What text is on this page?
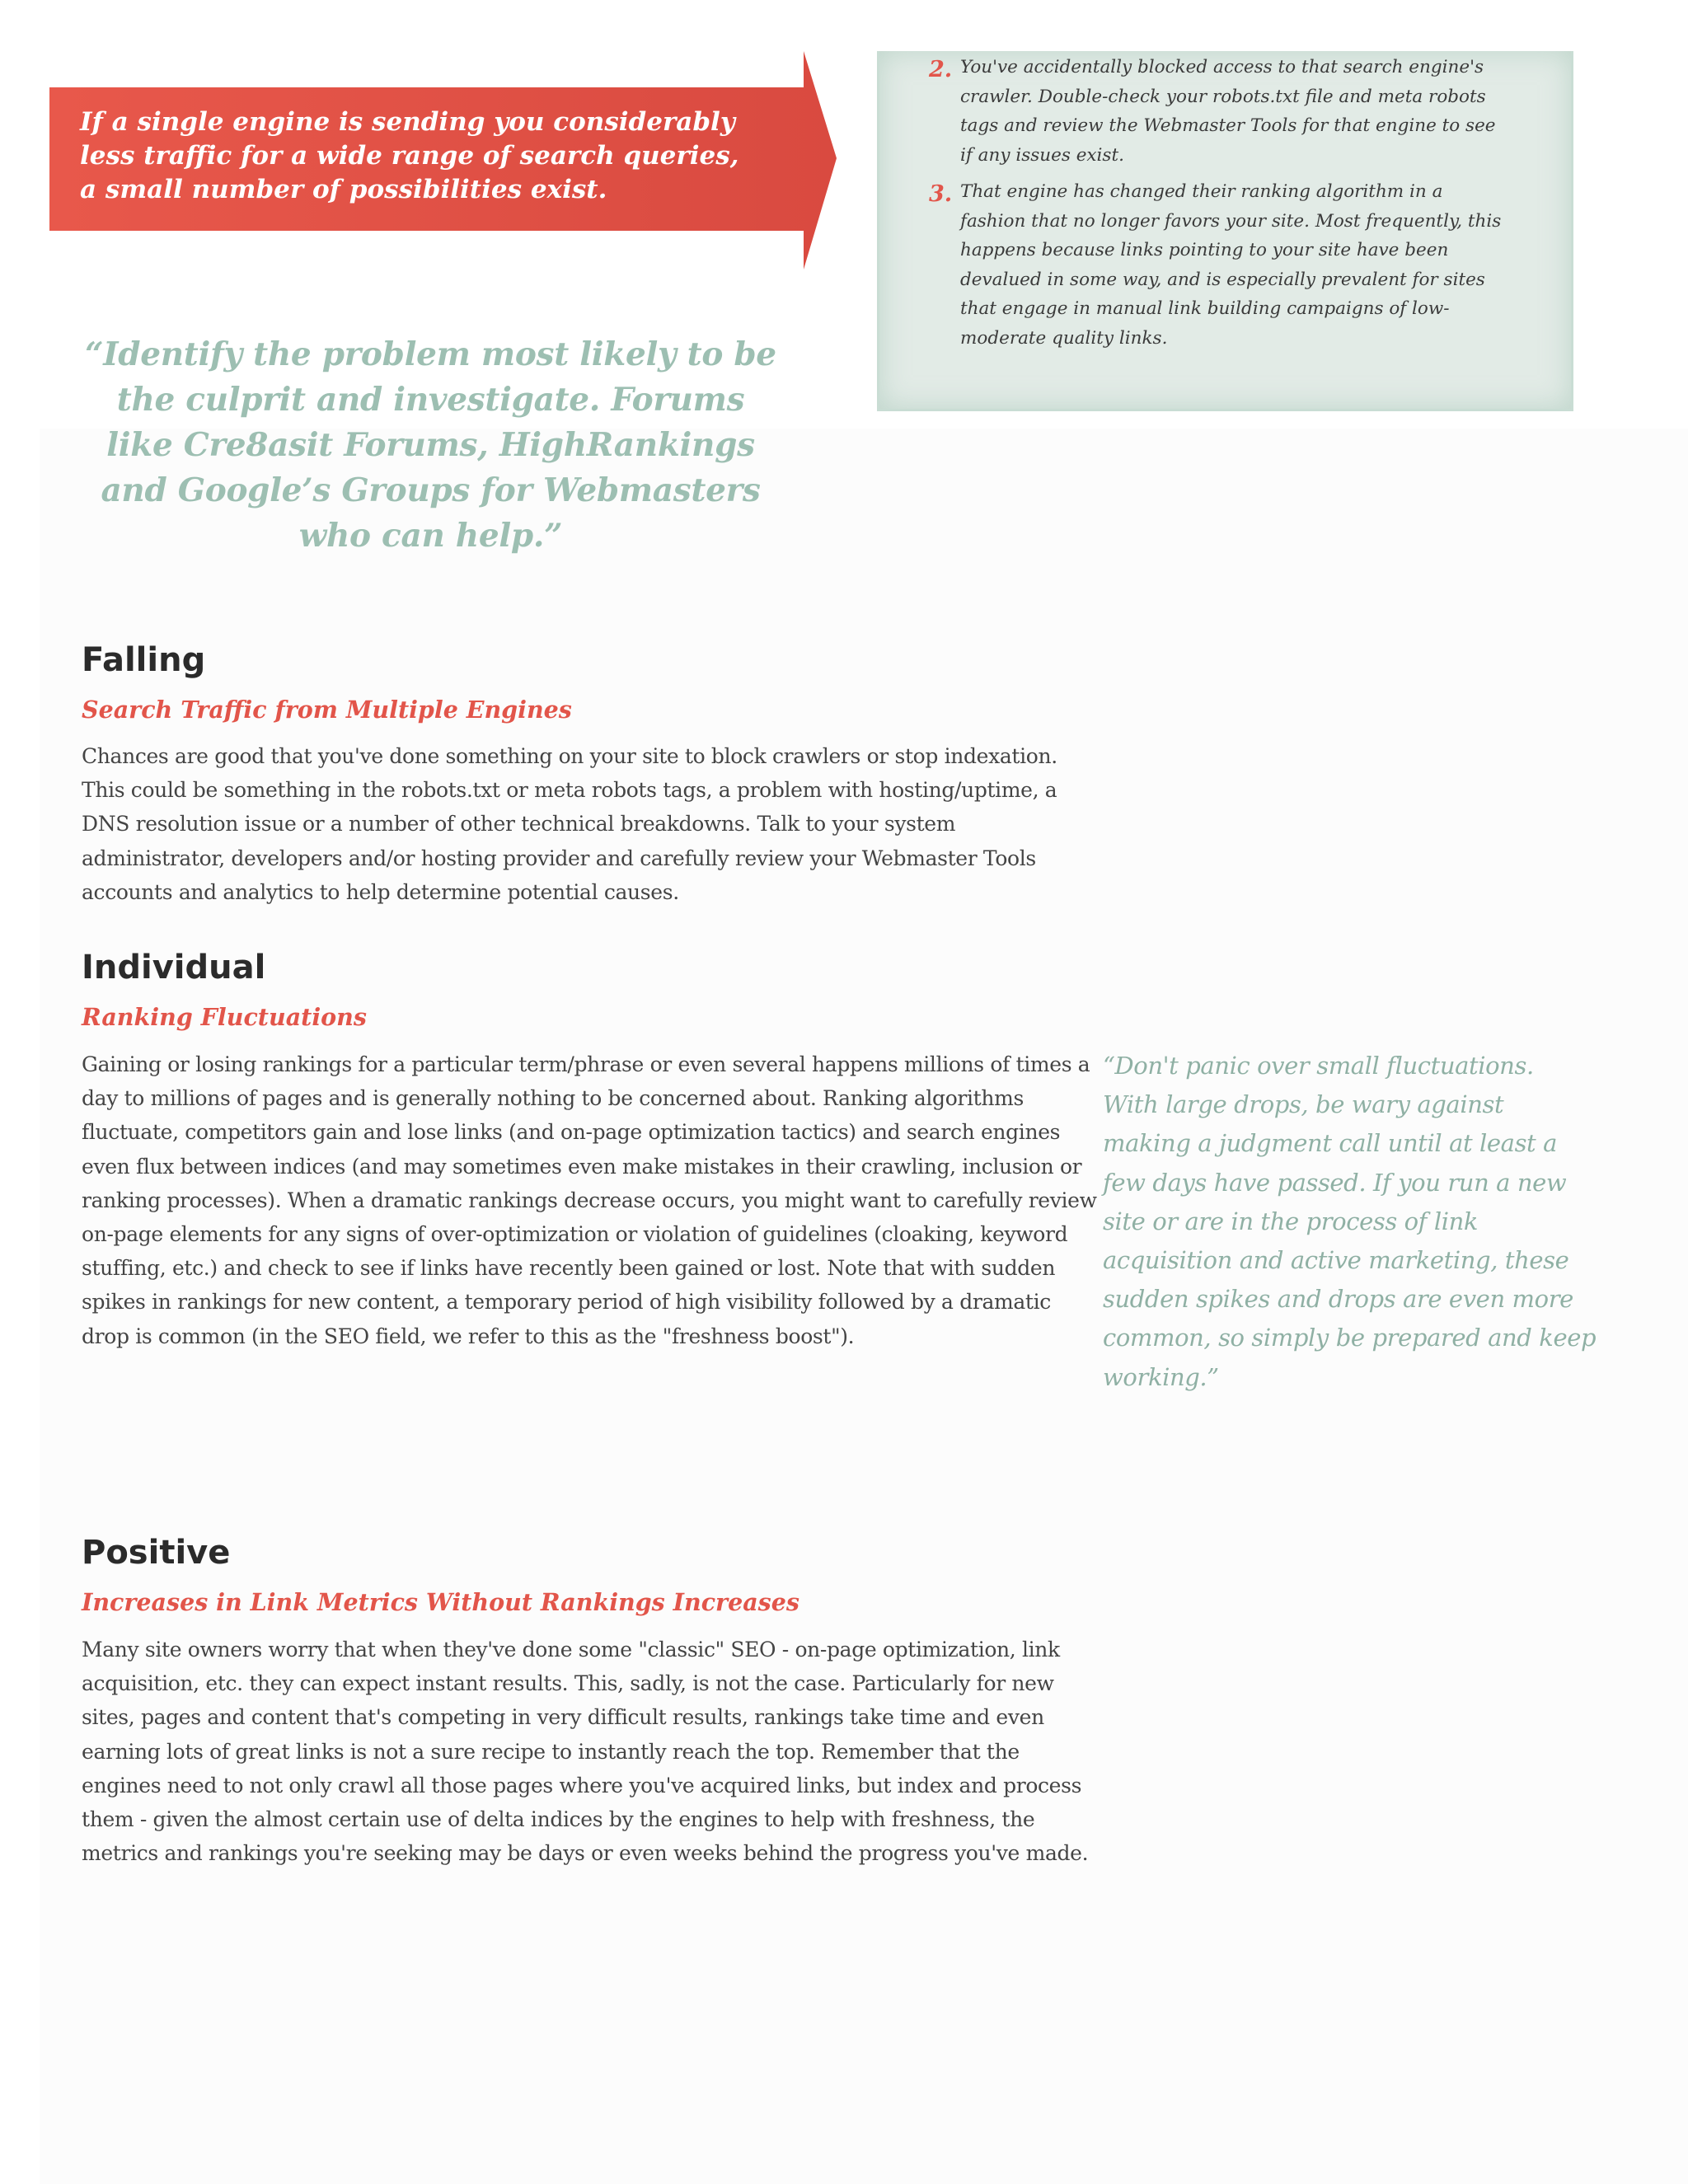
If a single engine is sending you considerably less traffic for a wide range of search queries, a small number of possibilities exist.
2. You've accidentally blocked access to that search engine's crawler. Double-check your robots.txt file and meta robots tags and review the Webmaster Tools for that engine to see if any issues exist.
3. That engine has changed their ranking algorithm in a fashion that no longer favors your site. Most frequently, this happens because links pointing to your site have been devalued in some way, and is especially prevalent for sites that engage in manual link building campaigns of low-moderate quality links.
“Identify the problem most likely to be the culprit and investigate. Forums like Cre8asit Forums, HighRankings and Google’s Groups for Webmasters who can help.”
Falling
Search Traffic from Multiple Engines

Chances are good that you've done something on your site to block crawlers or stop indexation.
This could be something in the robots.txt or meta robots tags, a problem with hosting/uptime, a
DNS resolution issue or a number of other technical breakdowns. Talk to your system
administrator, developers and/or hosting provider and carefully review your Webmaster Tools
accounts and analytics to help determine potential causes.

Individual
Ranking Fluctuations

Gaining or losing rankings for a particular term/phrase or even several happens millions of times a
day to millions of pages and is generally nothing to be concerned about. Ranking algorithms
fluctuate, competitors gain and lose links (and on-page optimization tactics) and search engines
even flux between indices (and may sometimes even make mistakes in their crawling, inclusion or
ranking processes). When a dramatic rankings decrease occurs, you might want to carefully review
on-page elements for any signs of over-optimization or violation of guidelines (cloaking, keyword
stuffing, etc.) and check to see if links have recently been gained or lost. Note that with sudden
spikes in rankings for new content, a temporary period of high visibility followed by a dramatic
drop is common (in the SEO field, we refer to this as the "freshness boost").

“Don't panic over small fluctuations.
With large drops, be wary against
making a judgment call until at least a
few days have passed. If you run a new
site or are in the process of link
acquisition and active marketing, these
sudden spikes and drops are even more
common, so simply be prepared and keep
working.”
Positive
Increases in Link Metrics Without Rankings Increases

Many site owners worry that when they've done some "classic" SEO - on-page optimization, link
acquisition, etc. they can expect instant results. This, sadly, is not the case. Particularly for new
sites, pages and content that's competing in very difficult results, rankings take time and even
earning lots of great links is not a sure recipe to instantly reach the top. Remember that the
engines need to not only crawl all those pages where you've acquired links, but index and process
them - given the almost certain use of delta indices by the engines to help with freshness, the
metrics and rankings you're seeking may be days or even weeks behind the progress you've made.
